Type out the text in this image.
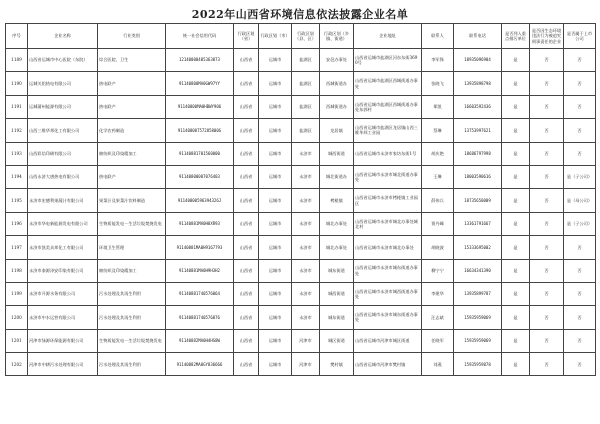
2022年山西省环境信息依法披露企业名单
序号	企业名称	行业类别	统一社会信用代码	行政区划（省）	行政区划（市）	行政区划（县、区）	行政区划（乡镇、街道）	企业地址	联系人	联系电话	是否列入重点排污单位	是否因生态环境违法行为被追究刑事责任的企业	是否属于上市公司
1189	山西省运城市中心医院（东院）	综合医院、卫生	12140000405363873	山西省	运城市	盐湖区	安邑办事处	山西省运城市盐湖区河东东街3690号	李军锋	18935096904	是	否	否
1190	运城关铝热电有限公司	热电联产	91140800MA0GW97YY	山西省	运城市	盐湖区	西城街道办	山西省运城市盐湖区西城街道办事处	张晓飞	13935898798	是	否	否
1191	运城蒲州能源有限公司	热电联产	91140800MA0HBWY906	山西省	运城市	盐湖区	西城街道办	山西省运城市盐湖区西城街道办事处东郭村	郑凯	16603592436	是	否	否
1192	山西三维华邦化工有限公司	化学农药制造	91140800757285800G	山西省	运城市	盐湖区	龙居镇	山西省运城市盐湖区龙居镇山西三维华邦工业园	蔡琳	13753997621	是	否	否
1193	山西彩信印刷有限公司	棉纺织及印染精加工	91140881701560000	山西省	运城市	永济市	城西街道	山西省运城市永济市家坊东街1号	胡庆艳	18686797998	是	否	否
1194	山西永济大唐热电有限公司	热电联产	91140800087076403	山西省	运城市	永济市	城北街道办	山西省运城市永济市城北街道办事处	王琳	18003590616	是	否	是（子公司）
1195	永济市宏德利果蔬汁有限公司	果菜汁及果菜汁饮料制造	91140800596394326J	山西省	运城市	永济市	栲栳镇	山西省运城市永济市栲栳镇工业园区	薛伟兵	18735650009	是	否	是（母公司）
1196	永济市华电新能源发电有限公司	生物质能发电－生活垃圾焚烧发电	91140881MA0H8XR93	山西省	运城市	永济市	城北办事处	山西省运城市永济市城北办事处城北村	贾丹峰	13361791667	是	否	是（子公司）
1197	永济市凯美众邦化工有限公司	环境卫生管理	91140881MA0H9167793	山西省	运城市	永济市	城北办事处	山西省运城市永济市城北办事处	胡晓波	15333695002	是	否	否
1198	永济市泰源泽安印染有限公司	棉纺织及印染精加工	91140881MA0H9H3H2	山西省	运城市	永济市	城东街道	山西省运城市永济市城东街道办事处	柳宁宁	16634341390	是	否	否
1199	永济市开源水务有限公司	污水处理及其再生利用	91140881740576064	山西省	运城市	永济市	城西街道	山西省运城市永济市城西街道办事处	李建华	13935899787	是	否	否
1200	永济市中水运营有限公司	污水处理及其再生利用	91140881740576076	山西省	运城市	永济市	城东街道	山西省运城市永济市城东街道办事处	汪志斌	15935959069	是	否	否
1201	河津市绿源环保能源有限公司	生物质能发电－生活垃圾焚烧发电	91140882MA0H4HS8W	山西省	运城市	河津市	城区街道	山西省运城市河津市城区街道	任晓军	15935959069	是	否	否
1202	河津市中耕污水处理有限公司	污水处理及其再生利用	91140882MA0GY836666	山西省	运城市	河津市	樊村镇	山西省运城市河津市樊村镇	刘燕	15935959878	是	否	否
